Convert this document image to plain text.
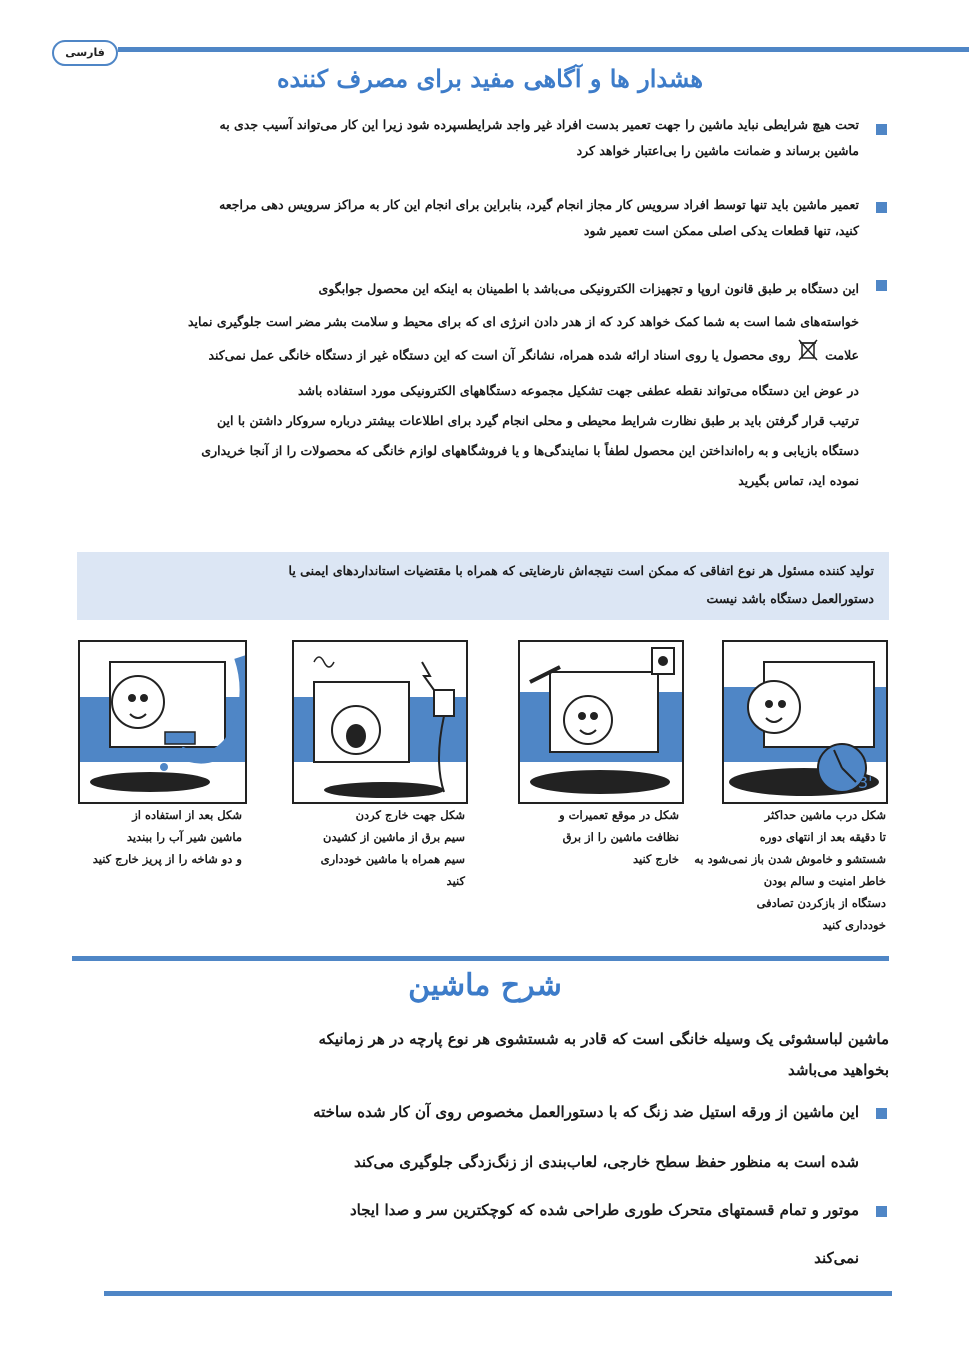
فارسی
هشدار ها و آگاهی مفید برای مصرف کننده
تحت هیچ شرایطی نباید ماشین را جهت تعمیر بدست افراد غیر واجد شرایطسپرده شود زیرا این کار می‌تواند آسیب جدی به
ماشین برساند و ضمانت ماشین را بی‌اعتبار خواهد کرد
تعمیر ماشین باید تنها توسط افراد سرویس کار مجاز انجام گیرد، بنابراین برای انجام این کار به مراکز سرویس دهی مراجعه
کنید، تنها قطعات یدکی اصلی ممکن است تعمیر شود
این دستگاه بر طبق قانون اروپا و تجهیزات الکترونیکی می‌باشد با اطمینان به اینکه این محصول جوابگوی
خواسته‌های شما است به شما کمک خواهد کرد که از هدر دادن انرژی ای که برای محیط و سلامت بشر مضر است جلوگیری نماید
علامت  روی محصول یا روی اسناد ارائه شده همراه، نشانگر آن است که این دستگاه غیر از دستگاه خانگی عمل نمی‌کند
در عوض این دستگاه می‌تواند نقطه عطفی جهت تشکیل مجموعه دستگاههای الکترونیکی مورد استفاده باشد
ترتیب قرار گرفتن باید بر طبق نظارت شرایط محیطی و محلی انجام گیرد برای اطلاعات بیشتر درباره سروکار داشتن با این
دستگاه بازیابی و به راه‌انداختن این محصول لطفاً با نمایندگی‌ها و یا فروشگاههای لوازم خانگی که محصولات را از آنجا خریداری
نموده اید، تماس بگیرید
تولید کننده مسئول هر نوع اتفاقی که ممکن است نتیجه‌اش نارضایتی که همراه با مقتضیات استانداردهای ایمنی یا
دستورالعمل دستگاه باشد نیست
3'
شکل درب ماشین حداکثر
تا دقیقه بعد از انتهای دوره
شستشو و خاموش شدن باز نمی‌شود به
خاطر امنیت و سالم بودن
دستگاه از بازکردن تصادفی
خودداری کنید
شکل در موقع تعمیرات و
نظافت ماشین را از برق
خارج کنید
شکل جهت خارج کردن
سیم برق از ماشین از کشیدن
سیم همراه با ماشین خودداری
کنید
شکل بعد از استفاده از
ماشین شیر آب را ببندید
و دو شاخه را از پریز خارج کنید
شرح ماشین
ماشین لباسشوئی یک وسیله خانگی است که قادر به شستشوی هر نوع پارچه در هر زمانیکه
بخواهید می‌باشد
این ماشین از ورقه استیل ضد زنگ که با دستورالعمل مخصوص روی آن کار شده ساخته
شده است به منظور حفظ سطح خارجی، لعاب‌بندی از زنگ‌زدگی جلوگیری می‌کند
موتور و تمام قسمتهای متحرک طوری طراحی شده که کوچکترین سر و صدا ایجاد
نمی‌کند
